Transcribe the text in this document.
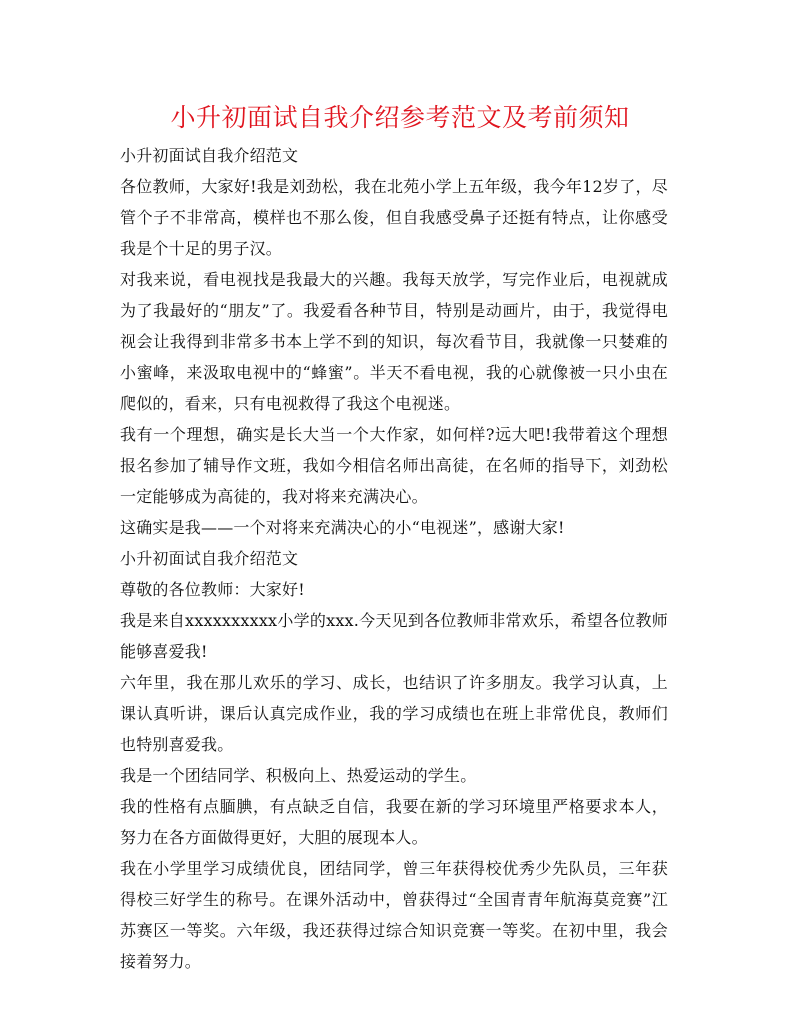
小升初面试自我介绍参考范文及考前须知

小升初面试自我介绍范文

各位教师，大家好!我是刘劲松，我在北苑小学上五年级，我今年12岁了，尽管个子不非常高，模样也不那么俊，但自我感受鼻子还挺有特点，让你感受我是个十足的男子汉。

对我来说，看电视找是我最大的兴趣。我每天放学，写完作业后，电视就成为了我最好的“朋友”了。我爱看各种节目，特别是动画片，由于，我觉得电视会让我得到非常多书本上学不到的知识，每次看节目，我就像一只婪难的小蜜峰，来汲取电视中的“蜂蜜”。半天不看电视，我的心就像被一只小虫在爬似的，看来，只有电视救得了我这个电视迷。

我有一个理想，确实是长大当一个大作家，如何样?远大吧!我带着这个理想报名参加了辅导作文班，我如今相信名师出高徒，在名师的指导下，刘劲松一定能够成为高徒的，我对将来充满决心。

这确实是我——一个对将来充满决心的小“电视迷”，感谢大家!

小升初面试自我介绍范文

尊敬的各位教师：大家好!

我是来自xxxxxxxxxx小学的xxx.今天见到各位教师非常欢乐，希望各位教师能够喜爱我!

六年里，我在那儿欢乐的学习、成长，也结识了许多朋友。我学习认真，上课认真听讲，课后认真完成作业，我的学习成绩也在班上非常优良，教师们也特别喜爱我。

我是一个团结同学、积极向上、热爱运动的学生。

我的性格有点腼腆，有点缺乏自信，我要在新的学习环境里严格要求本人，努力在各方面做得更好，大胆的展现本人。

我在小学里学习成绩优良，团结同学，曾三年获得校优秀少先队员，三年获得校三好学生的称号。在课外活动中，曾获得过“全国青青年航海莫竞赛”江苏赛区一等奖。六年级，我还获得过综合知识竞赛一等奖。在初中里，我会接着努力。
